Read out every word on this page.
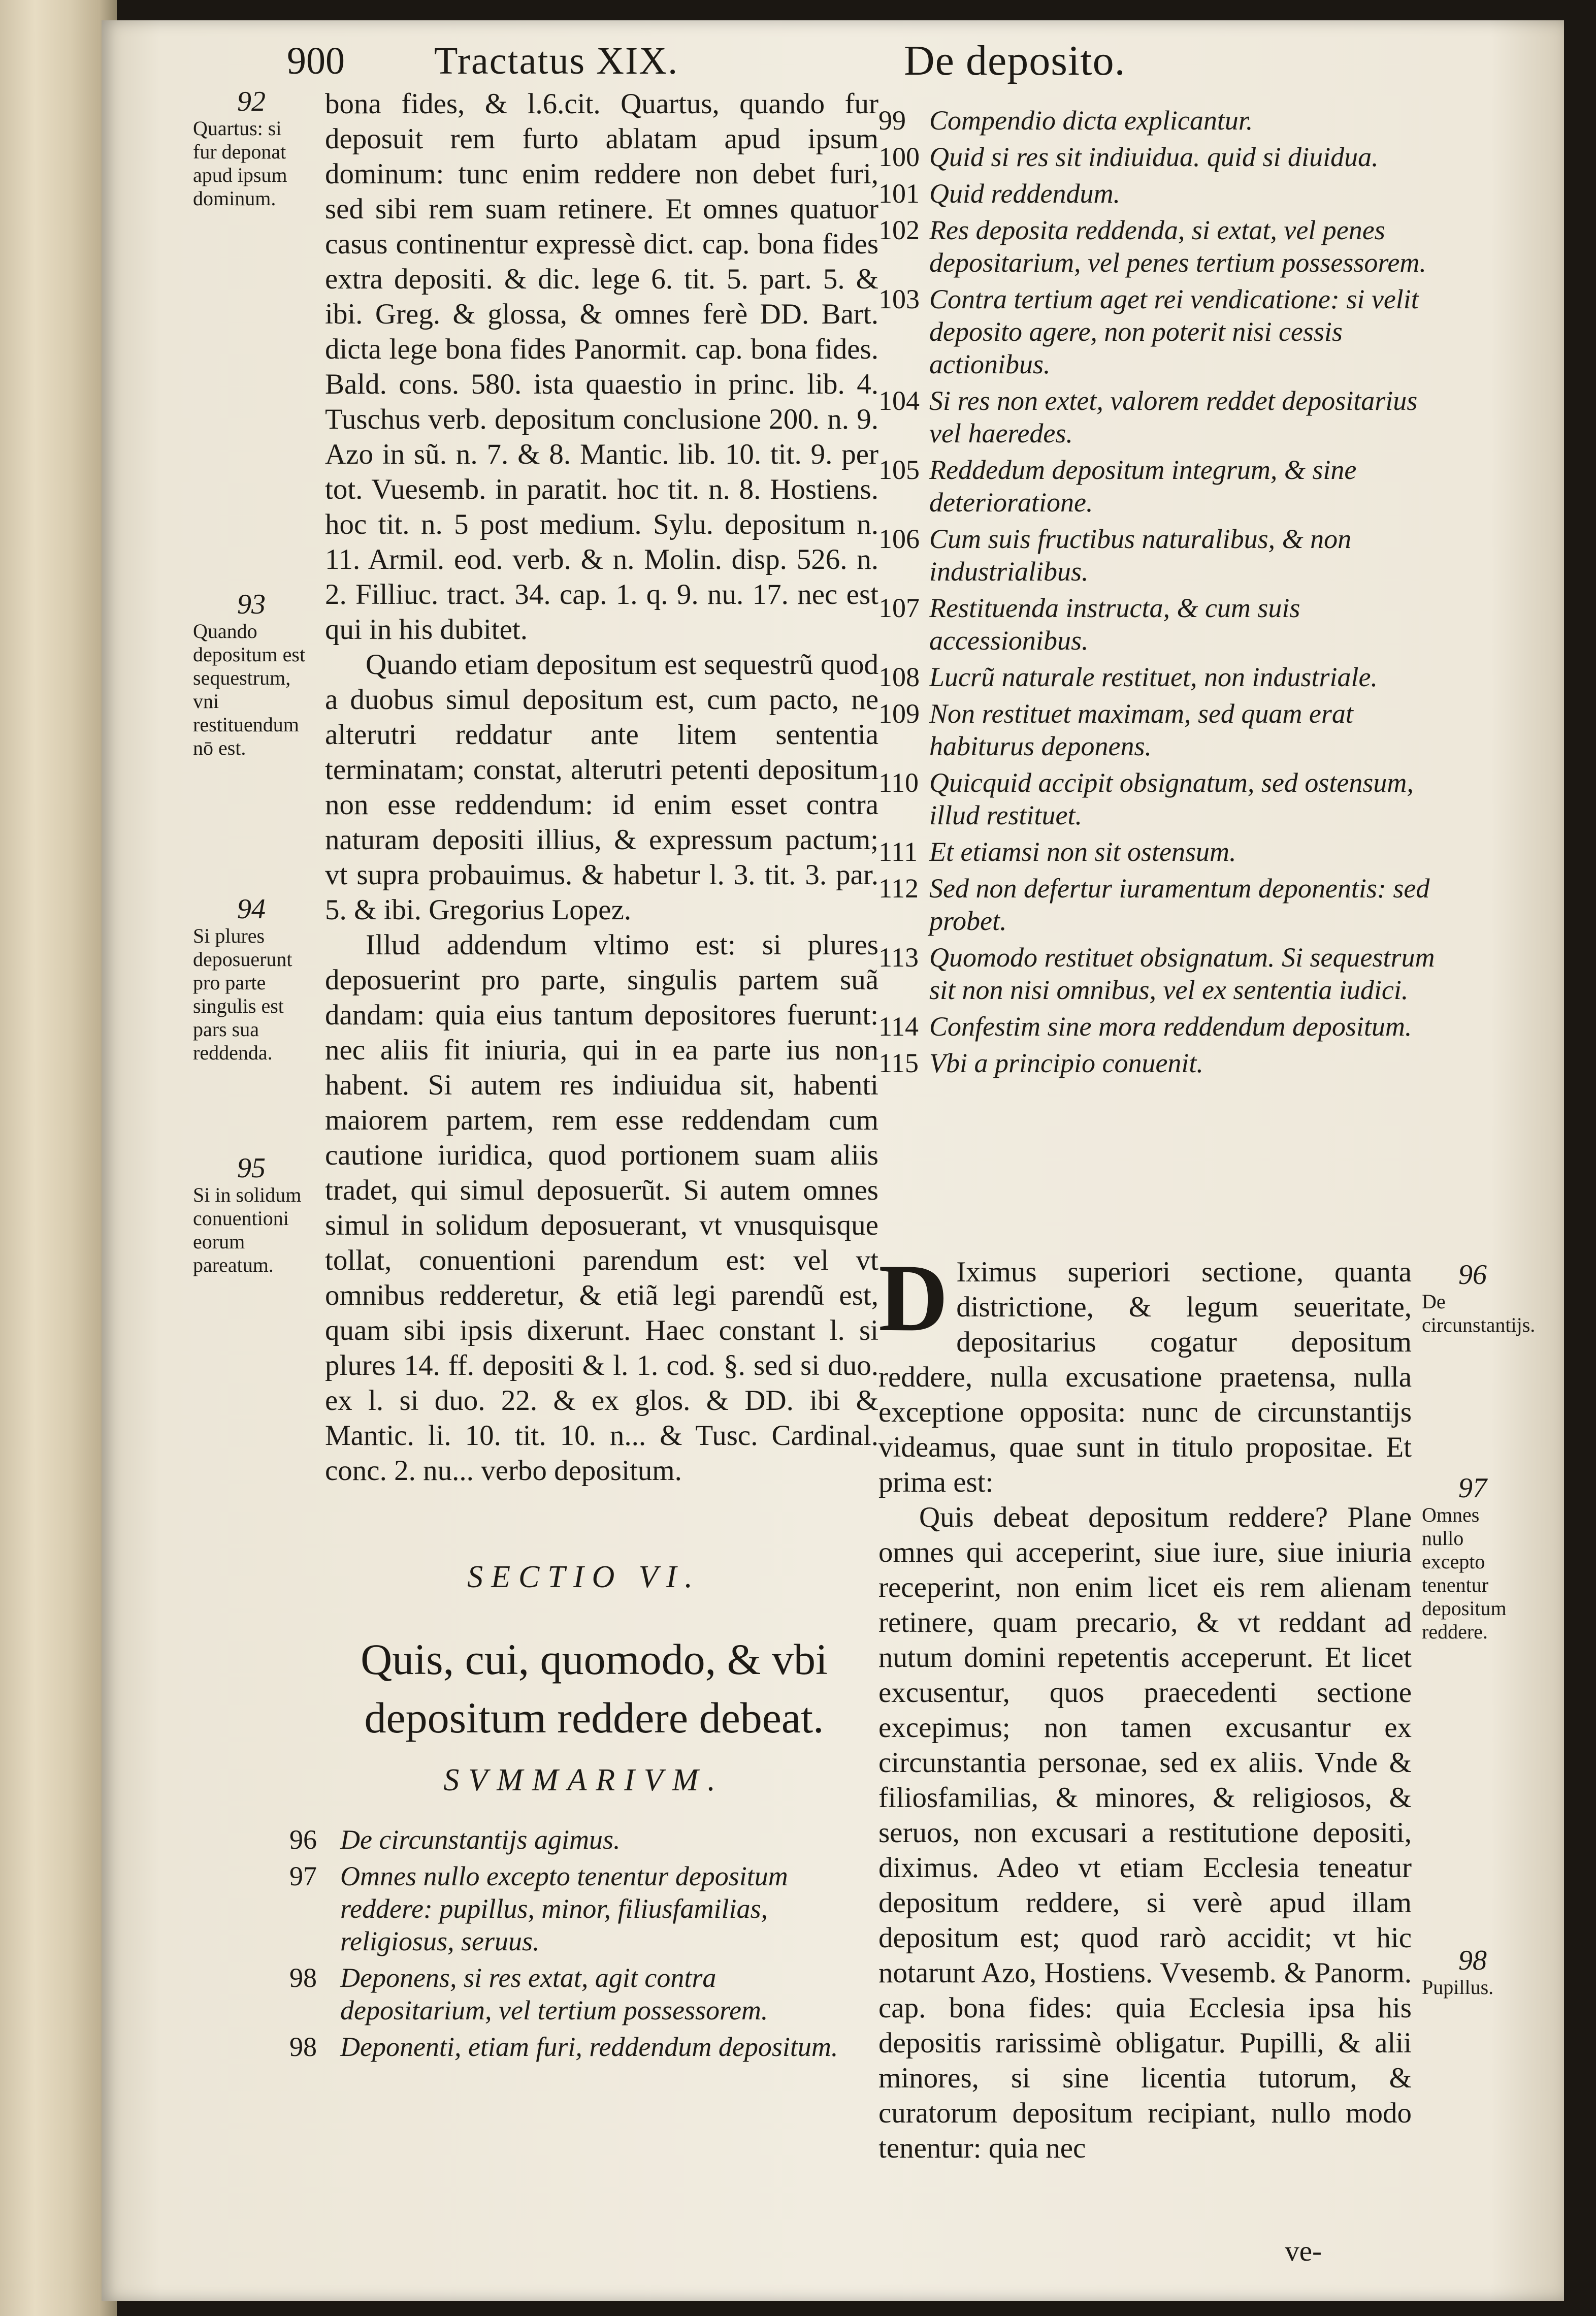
900 Tractatus XIX.	De deposito.
92
Quartus: si fur deponat apud ipsum dominum.
93
Quando depositum est sequestrum, vni restituendum nō est.
94
Si plures deposuerunt pro parte singulis est pars sua reddenda.
95
Si in solidum conuentioni eorum pareatum.

bona fides, & l.6.cit. Quartus, quando fur deposuit rem furto ablatam apud ipsum dominum: tunc enim reddere non debet furi, sed sibi rem suam retinere. Et omnes quatuor casus continentur expressè dict. cap. bona fides extra depositi. & dic. lege 6. tit. 5. part. 5. & ibi. Greg. & glossa, & omnes ferè DD. Bart. dicta lege bona fides Panormit. cap. bona fides. Bald. cons. 580. ista quaestio in princ. lib. 4. Tuschus verb. depositum conclusione 200. n. 9. Azo in sũ. n. 7. & 8. Mantic. lib. 10. tit. 9. per tot. Vuesemb. in paratit. hoc tit. n. 8. Hostiens. hoc tit. n. 5 post medium. Sylu. depositum n. 11. Armil. eod. verb. & n. Molin. disp. 526. n. 2. Filliuc. tract. 34. cap. 1. q. 9. nu. 17. nec est qui in his dubitet.

Quando etiam depositum est sequestrũ quod a duobus simul depositum est, cum pacto, ne alterutri reddatur ante litem sententia terminatam; constat, alterutri petenti depositum non esse reddendum: id enim esset contra naturam depositi illius, & expressum pactum; vt supra probauimus. & habetur l. 3. tit. 3. par. 5. & ibi. Gregorius Lopez.

Illud addendum vltimo est: si plures deposuerint pro parte, singulis partem suã dandam: quia eius tantum depositores fuerunt: nec aliis fit iniuria, qui in ea parte ius non habent. Si autem res indiuidua sit, habenti maiorem partem, rem esse reddendam cum cautione iuridica, quod portionem suam aliis tradet, qui simul deposuerũt. Si autem omnes simul in solidum deposuerant, vt vnusquisque tollat, conuentioni parendum est: vel vt omnibus redderetur, & etiã legi parendũ est, quam sibi ipsis dixerunt. Haec constant l. si plures 14. ff. depositi & l. 1. cod. §. sed si duo. ex l. si duo. 22. & ex glos. & DD. ibi & Mantic. li. 10. tit. 10. n... & Tusc. Cardinal. conc. 2. nu... verbo depositum.

SECTIO VI.
Quis, cui, quomodo, & vbi depositum reddere debeat.
SVMMARIVM.
96 De circunstantijs agimus.
97 Omnes nullo excepto tenentur depositum reddere: pupillus, minor, filiusfamilias, religiosus, seruus.
98 Deponens, si res extat, agit contra depositarium, vel tertium possessorem.
98 Deponenti, etiam furi, reddendum depositum.
99 Compendio dicta explicantur.
100 Quid si res sit indiuidua. quid si diuidua.
101 Quid reddendum.
102 Res deposita reddenda, si extat, vel penes depositarium, vel penes tertium possessorem.
103 Contra tertium aget rei vendicatione: si velit deposito agere, non poterit nisi cessis actionibus.
104 Si res non extet, valorem reddet depositarius vel haeredes.
105 Reddedum depositum integrum, & sine deterioratione.
106 Cum suis fructibus naturalibus, & non industrialibus.
107 Restituenda instructa, & cum suis accessionibus.
108 Lucrũ naturale restituet, non industriale.
109 Non restituet maximam, sed quam erat habiturus deponens.
110 Quicquid accipit obsignatum, sed ostensum, illud restituet.
111 Et etiamsi non sit ostensum.
112 Sed non defertur iuramentum deponentis: sed probet.
113 Quomodo restituet obsignatum. Si sequestrum sit non nisi omnibus, vel ex sententia iudici.
114 Confestim sine mora reddendum depositum.
115 Vbi a principio conuenit.
D Iximus superiori sectione, quanta districtione, & legum seueritate, depositarius cogatur depositum reddere, nulla excusatione praetensa, nulla exceptione opposita: nunc de circunstantijs videamus, quae sunt in titulo propositae. Et prima est:

Quis debeat depositum reddere? Plane omnes qui acceperint, siue iure, siue iniuria receperint, non enim licet eis rem alienam retinere, quam precario, & vt reddant ad nutum domini repetentis acceperunt. Et licet excusentur, quos praecedenti sectione excepimus; non tamen excusantur ex circunstantia personae, sed ex aliis. Vnde & filiosfamilias, & minores, & religiosos, & seruos, non excusari a restitutione depositi, diximus. Adeo vt etiam Ecclesia teneatur depositum reddere, si verè apud illam depositum est; quod rarò accidit; vt hic notarunt Azo, Hostiens. Vvesemb. & Panorm. cap. bona fides: quia Ecclesia ipsa his depositis rarissimè obligatur. Pupilli, & alii minores, si sine licentia tutorum, & curatorum depositum recipiant, nullo modo tenentur: quia nec

96
De circunstantijs.
97
Omnes nullo excepto tenentur depositum reddere.
98
Pupillus.
ve-
